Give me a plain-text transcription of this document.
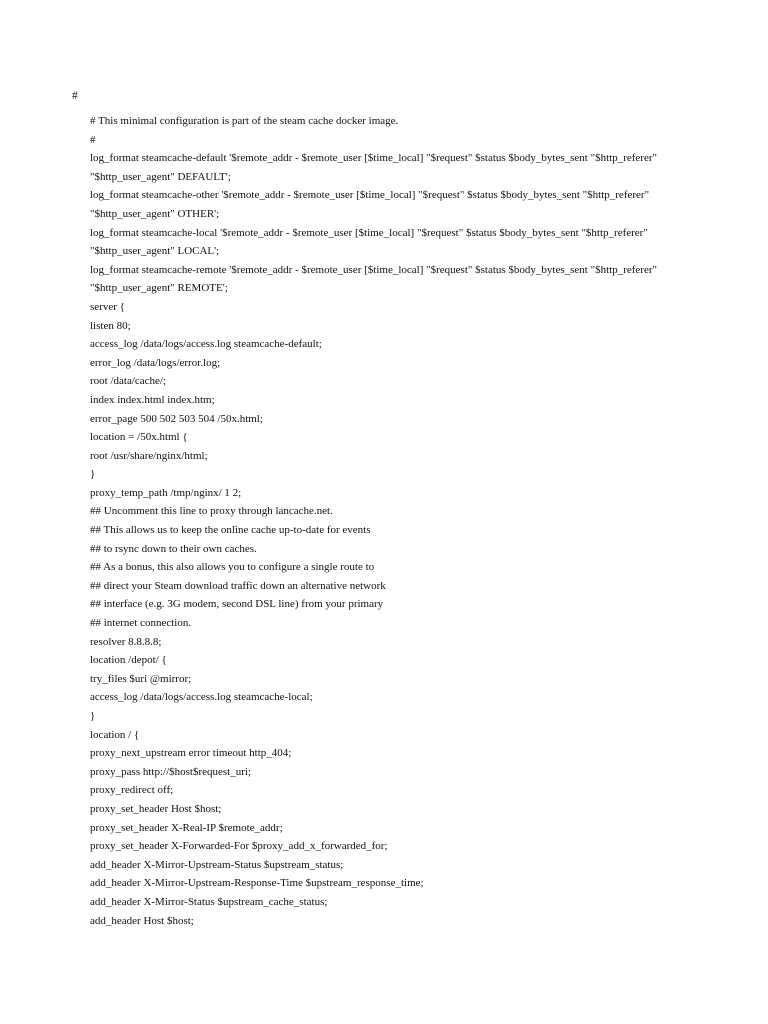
#
# This minimal configuration is part of the steam cache docker image.
#
log_format steamcache-default '$remote_addr - $remote_user [$time_local] "$request" $status $body_bytes_sent "$http_referer"
"$http_user_agent" DEFAULT';
log_format steamcache-other '$remote_addr - $remote_user [$time_local] "$request" $status $body_bytes_sent "$http_referer"
"$http_user_agent" OTHER';
log_format steamcache-local '$remote_addr - $remote_user [$time_local] "$request" $status $body_bytes_sent "$http_referer"
"$http_user_agent" LOCAL';
log_format steamcache-remote '$remote_addr - $remote_user [$time_local] "$request" $status $body_bytes_sent "$http_referer"
"$http_user_agent" REMOTE';
server {
listen 80;
access_log /data/logs/access.log steamcache-default;
error_log /data/logs/error.log;
root /data/cache/;
index index.html index.htm;
error_page 500 502 503 504 /50x.html;
location = /50x.html {
root /usr/share/nginx/html;
}
proxy_temp_path /tmp/nginx/ 1 2;
## Uncomment this line to proxy through lancache.net.
## This allows us to keep the online cache up-to-date for events
## to rsync down to their own caches.
## As a bonus, this also allows you to configure a single route to
## direct your Steam download traffic down an alternative network
## interface (e.g. 3G modem, second DSL line) from your primary
## internet connection.
resolver 8.8.8.8;
location /depot/ {
try_files $uri @mirror;
access_log /data/logs/access.log steamcache-local;
}
location / {
proxy_next_upstream error timeout http_404;
proxy_pass http://$host$request_uri;
proxy_redirect off;
proxy_set_header Host $host;
proxy_set_header X-Real-IP $remote_addr;
proxy_set_header X-Forwarded-For $proxy_add_x_forwarded_for;
add_header X-Mirror-Upstream-Status $upstream_status;
add_header X-Mirror-Upstream-Response-Time $upstream_response_time;
add_header X-Mirror-Status $upstream_cache_status;
add_header Host $host;
